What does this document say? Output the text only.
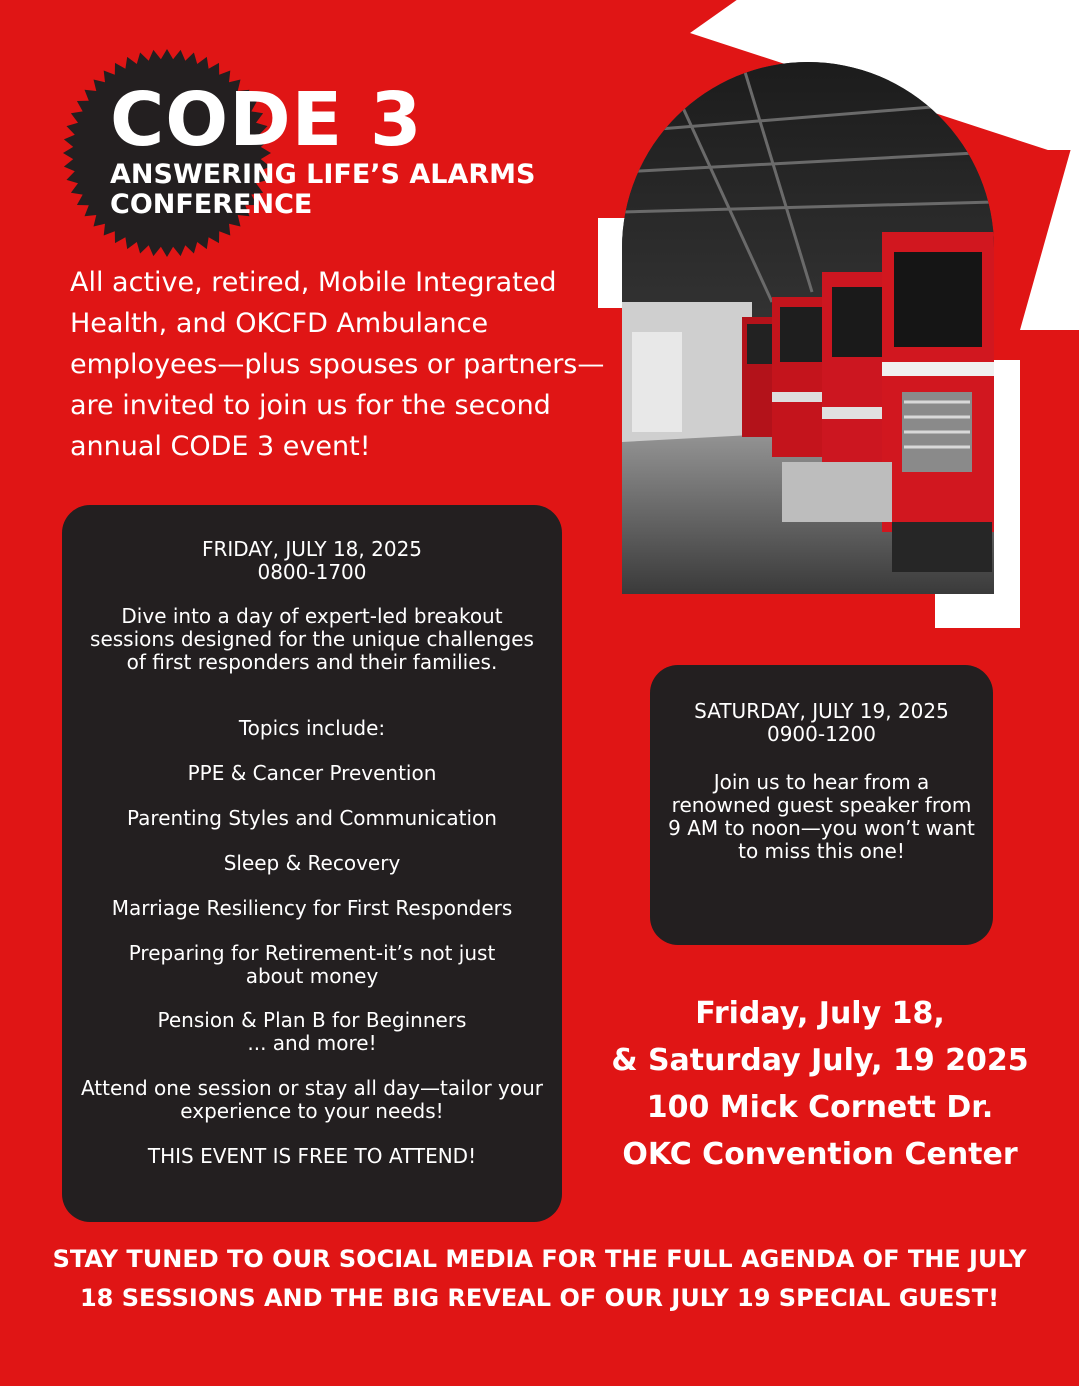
CODE 3
ANSWERING LIFE’S ALARMS
CONFERENCE

All active, retired, Mobile Integrated Health, and OKCFD Ambulance employees—plus spouses or partners—are invited to join us for the second annual CODE 3 event!

FRIDAY, JULY 18, 2025

0800-1700

Dive into a day of expert-led breakout sessions designed for the unique challenges of first responders and their families.

Topics include:

PPE & Cancer Prevention

Parenting Styles and Communication

Sleep & Recovery

Marriage Resiliency for First Responders

Preparing for Retirement-it’s not just about money

Pension & Plan B for Beginners

... and more!

Attend one session or stay all day—tailor your experience to your needs!

THIS EVENT IS FREE TO ATTEND!

SATURDAY, JULY 19, 2025

0900-1200

Join us to hear from a renowned guest speaker from 9 AM to noon—you won’t want to miss this one!

Friday, July 18,

& Saturday July, 19 2025

100 Mick Cornett Dr.

OKC Convention Center

STAY TUNED TO OUR SOCIAL MEDIA FOR THE FULL AGENDA OF THE JULY

18 SESSIONS AND THE BIG REVEAL OF OUR JULY 19 SPECIAL GUEST!
